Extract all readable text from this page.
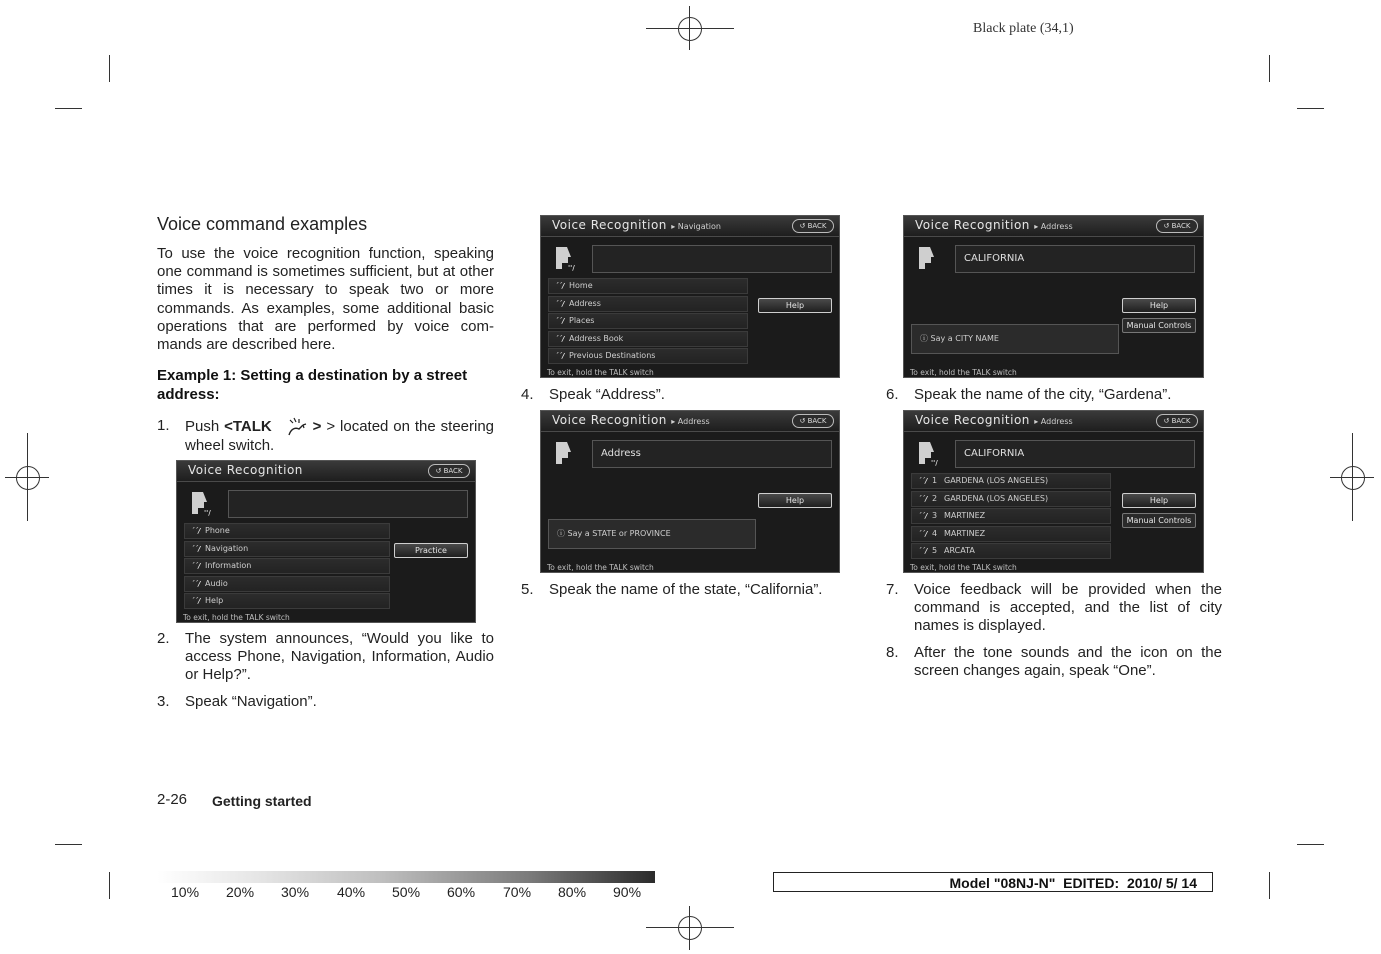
Black plate (34,1)
Voice command examples

To use the voice recognition function, speaking one command is sometimes sufficient, but at other times it is necessary to speak two or more commands. As examples, some additional basic operations that are performed by voice com-mands are described here.

Example 1: Setting a destination by a street address:

1. Push <TALK	> > located on the steering wheel switch.
Voice Recognition	↺ BACK
''/
´´/ Phone
´´/ Navigation
´´/ Information
´´/ Audio
´´/ Help
Practice
To exit, hold the TALK switch
2. The system announces, “Would you like to access Phone, Navigation, Information, Audio or Help?”.
3. Speak “Navigation”.
Voice Recognition ▸ Navigation	↺ BACK
''/
´´/ Home
´´/ Address
´´/ Places
´´/ Address Book
´´/ Previous Destinations
Help
To exit, hold the TALK switch
4. Speak “Address”.
Voice Recognition ▸ Address	↺ BACK
Address
Help
ⓘ Say a STATE or PROVINCE
To exit, hold the TALK switch
5. Speak the name of the state, “California”.
Voice Recognition ▸ Address	↺ BACK
CALIFORNIA
Help
Manual Controls
ⓘ Say a CITY NAME
To exit, hold the TALK switch
6. Speak the name of the city, “Gardena”.
Voice Recognition ▸ Address	↺ BACK
''/
CALIFORNIA
´´/ 1 GARDENA (LOS ANGELES)
´´/ 2 GARDENA (LOS ANGELES)
´´/ 3 MARTINEZ
´´/ 4 MARTINEZ
´´/ 5 ARCATA
Help
Manual Controls
To exit, hold the TALK switch
7. Voice feedback will be provided when the command is accepted, and the list of city names is displayed.
8. After the tone sounds and the icon on the screen changes again, speak “One”.
2-26 Getting started
10% 20% 30% 40% 50% 60% 70% 80% 90%
Model "08NJ-N" EDITED: 2010/ 5/ 14
